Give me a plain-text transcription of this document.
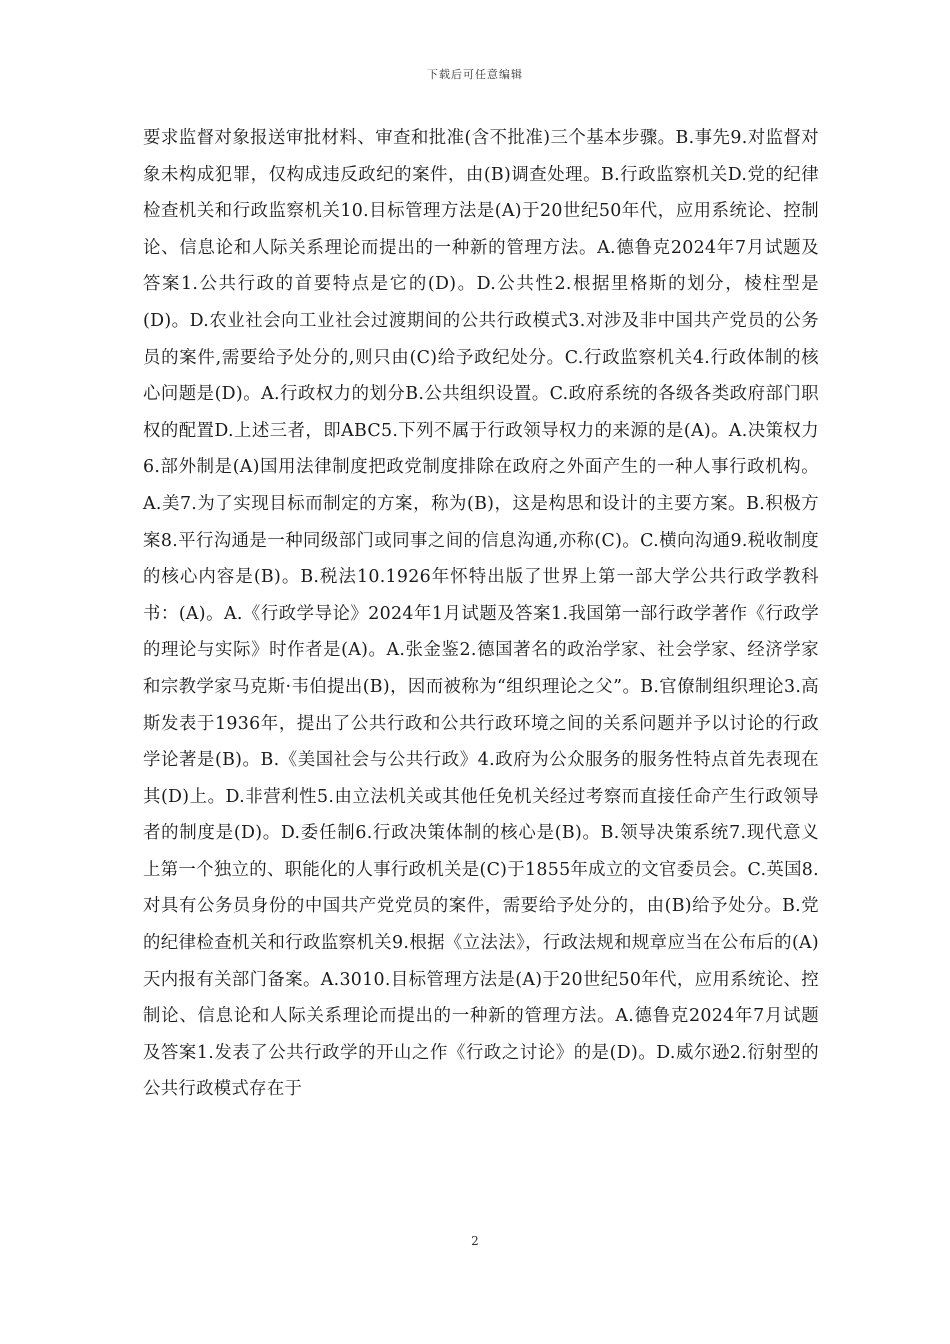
下载后可任意编辑

要求监督对象报送审批材料、审查和批准(含不批准)三个基本步骤。B.事先9.对监督对象未构成犯罪，仅构成违反政纪的案件，由(B)调查处理。B.行政监察机关D.党的纪律检查机关和行政监察机关10.目标管理方法是(A)于20世纪50年代，应用系统论、控制论、信息论和人际关系理论而提出的一种新的管理方法。A.德鲁克2024年7月试题及答案1.公共行政的首要特点是它的(D)。D.公共性2.根据里格斯的划分，棱柱型是(D)。D.农业社会向工业社会过渡期间的公共行政模式3.对涉及非中国共产党员的公务员的案件,需要给予处分的,则只由(C)给予政纪处分。C.行政监察机关4.行政体制的核心问题是(D)。A.行政权力的划分B.公共组织设置。C.政府系统的各级各类政府部门职权的配置D.上述三者，即ABC5.下列不属于行政领导权力的来源的是(A)。A.决策权力6.部外制是(A)国用法律制度把政党制度排除在政府之外面产生的一种人事行政机构。A.美7.为了实现目标而制定的方案，称为(B)，这是构思和设计的主要方案。B.积极方案8.平行沟通是一种同级部门或同事之间的信息沟通,亦称(C)。C.横向沟通9.税收制度的核心内容是(B)。B.税法10.1926年怀特出版了世界上第一部大学公共行政学教科书：(A)。A.《行政学导论》2024年1月试题及答案1.我国第一部行政学著作《行政学的理论与实际》时作者是(A)。A.张金鉴2.德国著名的政治学家、社会学家、经济学家和宗教学家马克斯·韦伯提出(B)，因而被称为“组织理论之父”。B.官僚制组织理论3.高斯发表于1936年，提出了公共行政和公共行政环境之间的关系问题并予以讨论的行政学论著是(B)。B.《美国社会与公共行政》4.政府为公众服务的服务性特点首先表现在其(D)上。D.非营利性5.由立法机关或其他任免机关经过考察而直接任命产生行政领导者的制度是(D)。D.委任制6.行政决策体制的核心是(B)。B.领导决策系统7.现代意义上第一个独立的、职能化的人事行政机关是(C)于1855年成立的文官委员会。C.英国8.对具有公务员身份的中国共产党党员的案件，需要给予处分的，由(B)给予处分。B.党的纪律检查机关和行政监察机关9.根据《立法法》，行政法规和规章应当在公布后的(A)天内报有关部门备案。A.3010.目标管理方法是(A)于20世纪50年代，应用系统论、控制论、信息论和人际关系理论而提出的一种新的管理方法。A.德鲁克2024年7月试题及答案1.发表了公共行政学的开山之作《行政之讨论》的是(D)。D.威尔逊2.衍射型的公共行政模式存在于

2
